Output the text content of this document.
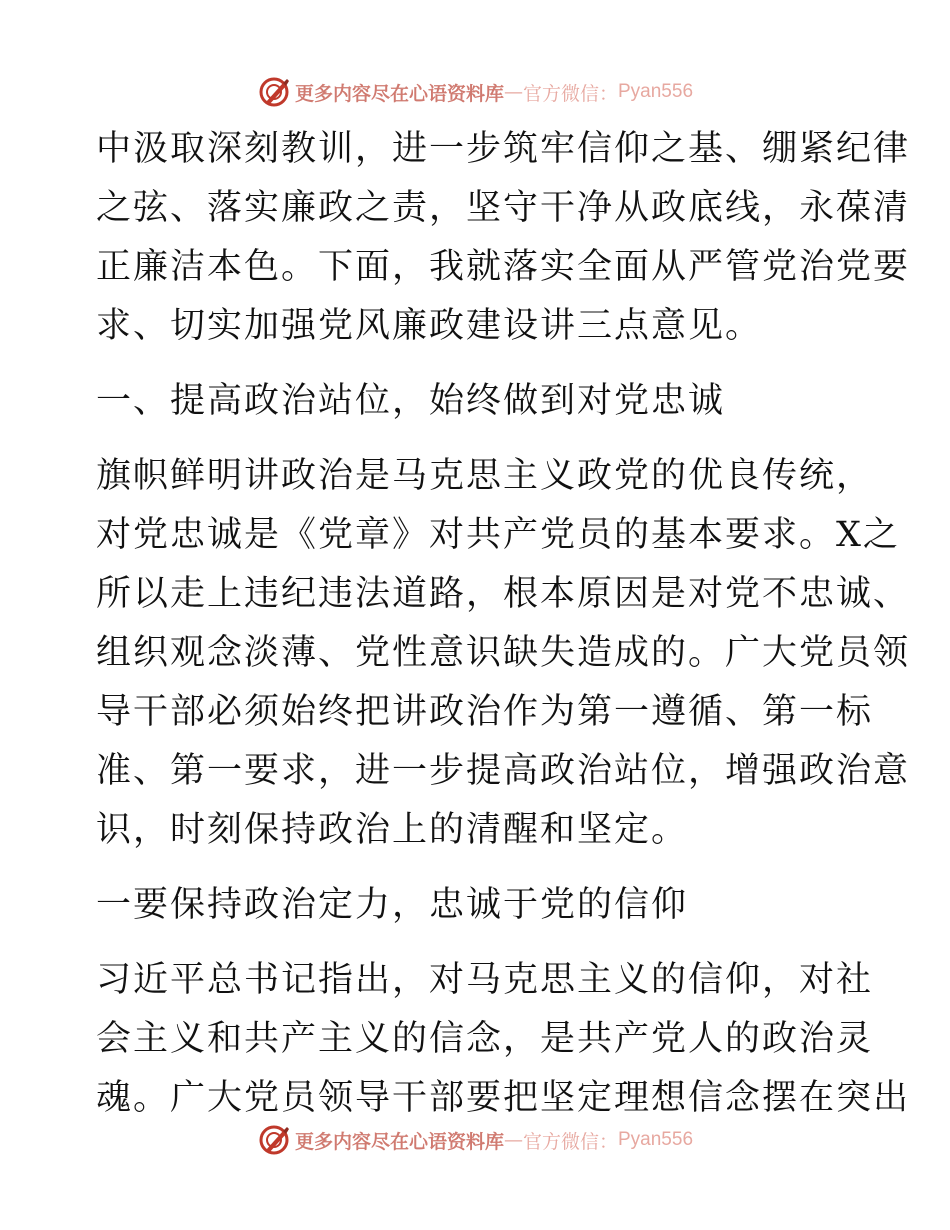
更多内容尽在心语资料库 — 官方微信： Pyan556
中汲取深刻教训，进一步筑牢信仰之基、绷紧纪律
之弦、落实廉政之责，坚守干净从政底线，永葆清
正廉洁本色。下面，我就落实全面从严管党治党要
求、切实加强党风廉政建设讲三点意见。
一、提高政治站位，始终做到对党忠诚
旗帜鲜明讲政治是马克思主义政党的优良传统，
对党忠诚是《党章》对共产党员的基本要求。X之
所以走上违纪违法道路，根本原因是对党不忠诚、
组织观念淡薄、党性意识缺失造成的。广大党员领
导干部必须始终把讲政治作为第一遵循、第一标
准、第一要求，进一步提高政治站位，增强政治意
识，时刻保持政治上的清醒和坚定。
一要保持政治定力，忠诚于党的信仰
习近平总书记指出，对马克思主义的信仰，对社
会主义和共产主义的信念，是共产党人的政治灵
魂。广大党员领导干部要把坚定理想信念摆在突出
更多内容尽在心语资料库 — 官方微信： Pyan556
